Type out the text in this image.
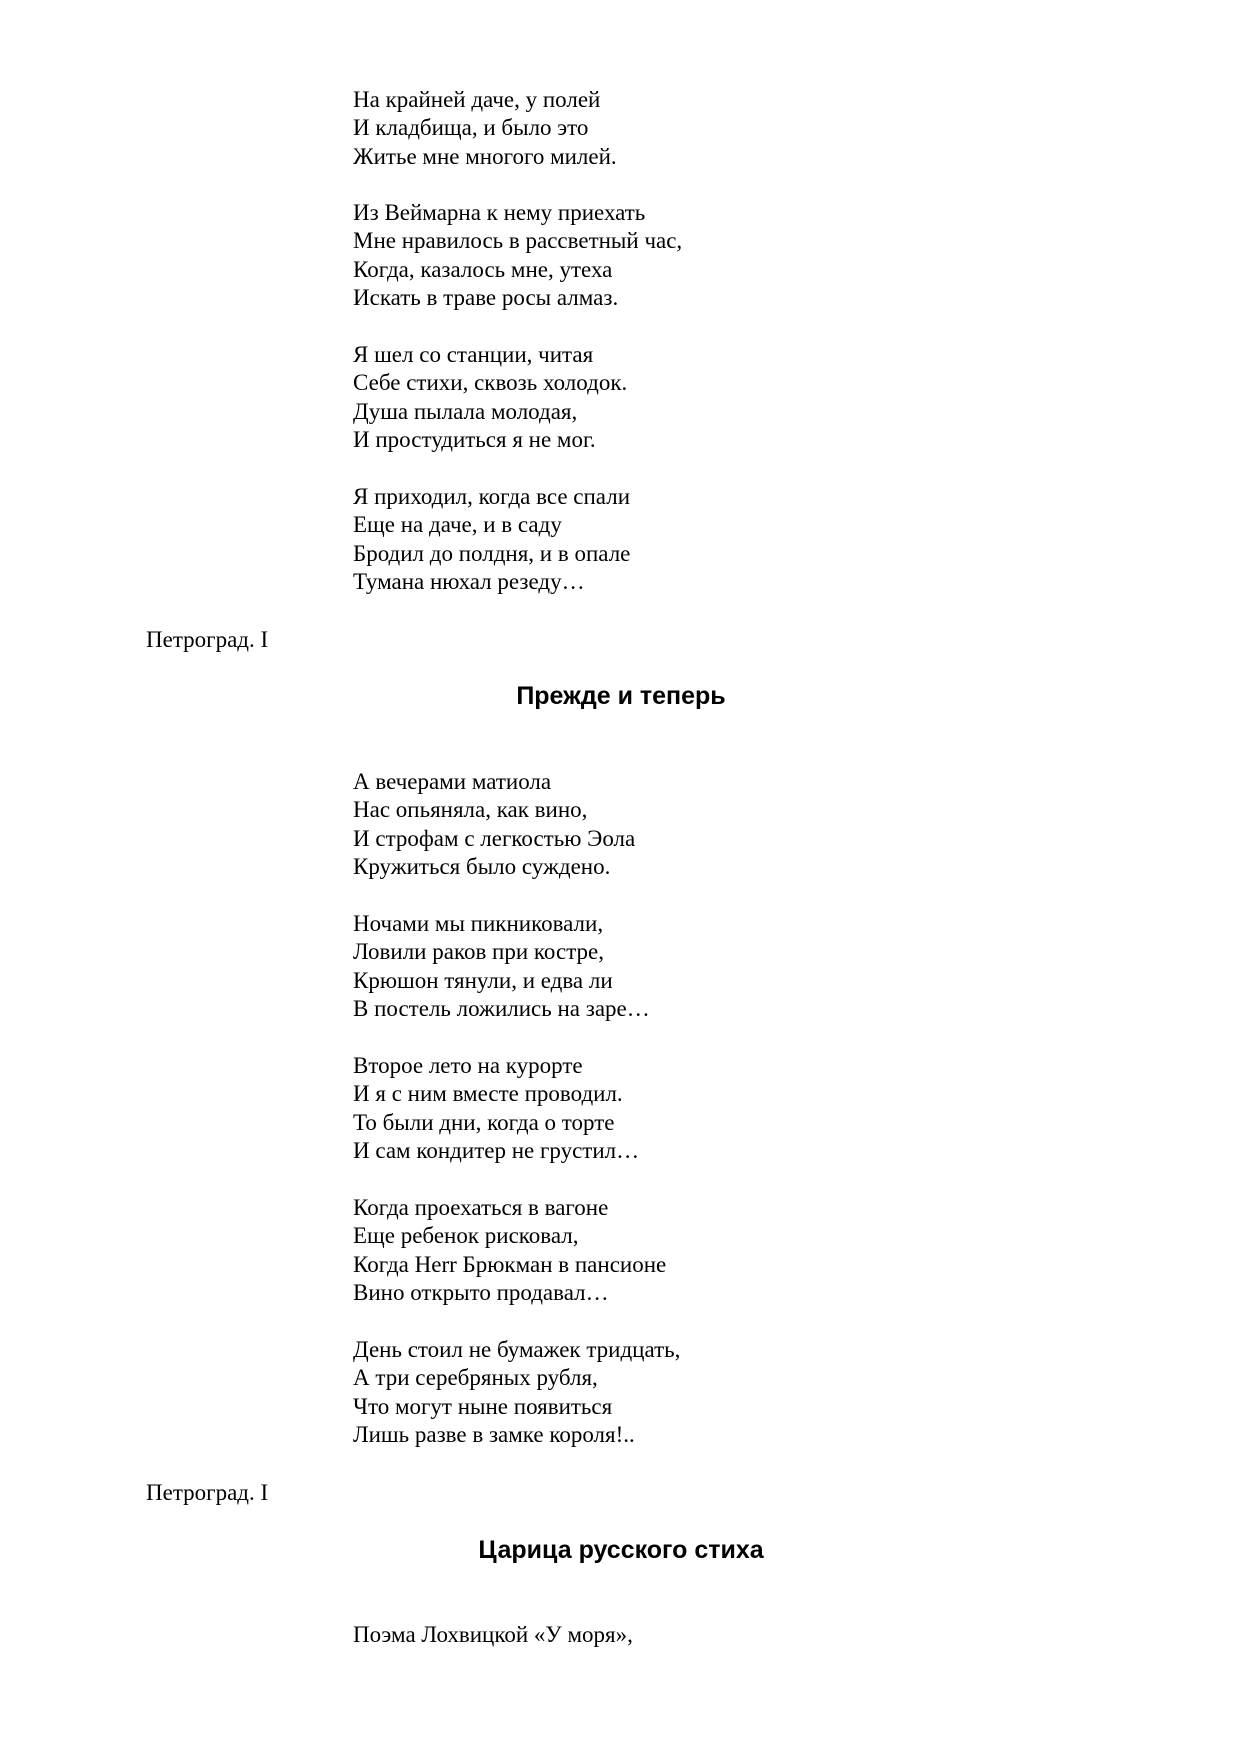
На крайней даче, у полей
И кладбища, и было это
Житье мне многого милей.
Из Веймарна к нему приехать
Мне нравилось в рассветный час,
Когда, казалось мне, утеха
Искать в траве росы алмаз.
Я шел со станции, читая
Себе стихи, сквозь холодок.
Душа пылала молодая,
И простудиться я не мог.
Я приходил, когда все спали
Еще на даче, и в саду
Бродил до полдня, и в опале
Тумана нюхал резеду…
Петроград. I
Прежде и теперь
А вечерами матиола
Нас опьяняла, как вино,
И строфам с легкостью Эола
Кружиться было суждено.
Ночами мы пикниковали,
Ловили раков при костре,
Крюшон тянули, и едва ли
В постель ложились на заре…
Второе лето на курорте
И я с ним вместе проводил.
То были дни, когда о торте
И сам кондитер не грустил…
Когда проехаться в вагоне
Еще ребенок рисковал,
Когда Herr Брюкман в пансионе
Вино открыто продавал…
День стоил не бумажек тридцать,
А три серебряных рубля,
Что могут ныне появиться
Лишь разве в замке короля!..
Петроград. I
Царица русского стиха
Поэма Лохвицкой «У моря»,
